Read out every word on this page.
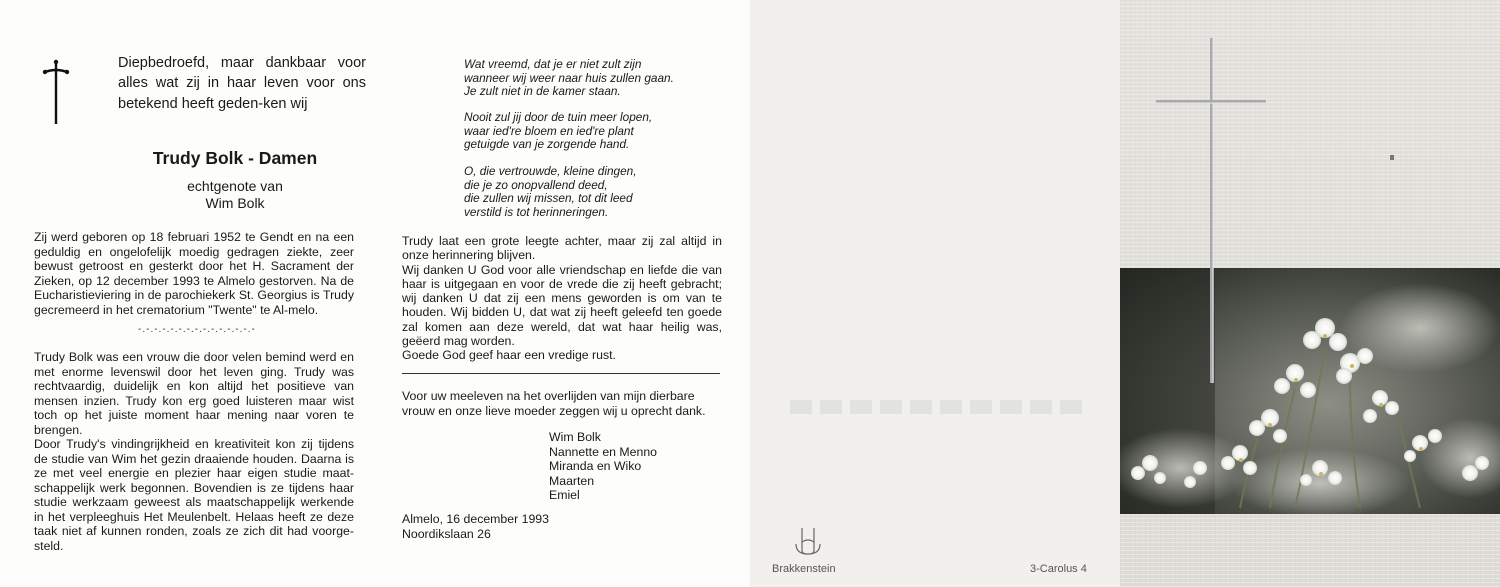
Diepbedroefd, maar dankbaar voor alles wat zij in haar leven voor ons betekend heeft geden-ken wij
Trudy Bolk - Damen
echtgenote van
Wim Bolk
Zij werd geboren op 18 februari 1952 te Gendt en na een geduldig en ongelofelijk moedig gedragen ziekte, zeer bewust getroost en gesterkt door het H. Sacrament der Zieken, op 12 december 1993 te Almelo gestorven. Na de Eucharistieviering in de parochiekerk St. Georgius is Trudy gecremeerd in het crematorium "Twente" te Al-melo.
-.-.-.-.-.-.-.-.-.-.-.-.-.-.-
Trudy Bolk was een vrouw die door velen bemind werd en met enorme levenswil door het leven ging. Trudy was rechtvaardig, duidelijk en kon altijd het positieve van mensen inzien. Trudy kon erg goed luisteren maar wist toch op het juiste moment haar mening naar voren te brengen.
Door Trudy's vindingrijkheid en kreativiteit kon zij tijdens de studie van Wim het gezin draaiende houden. Daarna is ze met veel energie en plezier haar eigen studie maat-schappelijk werk begonnen. Bovendien is ze tijdens haar studie werkzaam geweest als maatschappelijk werkende in het verpleeghuis Het Meulenbelt. Helaas heeft ze deze taak niet af kunnen ronden, zoals ze zich dit had voorge-steld.
Wat vreemd, dat je er niet zult zijn
wanneer wij weer naar huis zullen gaan.
Je zult niet in de kamer staan.
Nooit zul jij door de tuin meer lopen,
waar ied're bloem en ied're plant
getuigde van je zorgende hand.
O, die vertrouwde, kleine dingen,
die je zo onopvallend deed,
die zullen wij missen, tot dit leed
verstild is tot herinneringen.
Trudy laat een grote leegte achter, maar zij zal altijd in onze herinnering blijven.
Wij danken U God voor alle vriendschap en liefde die van haar is uitgegaan en voor de vrede die zij heeft gebracht; wij danken U dat zij een mens geworden is om van te houden. Wij bidden U, dat wat zij heeft geleefd ten goede zal komen aan deze wereld, dat wat haar heilig was, geëerd mag worden.
Goede God geef haar een vredige rust.
Voor uw meeleven na het overlijden van mijn dierbare vrouw en onze lieve moeder zeggen wij u oprecht dank.
Wim Bolk
Nannette en Menno
Miranda en Wiko
Maarten
Emiel
Almelo, 16 december 1993
Noordikslaan 26
Brakkenstein	3-Carolus 4
